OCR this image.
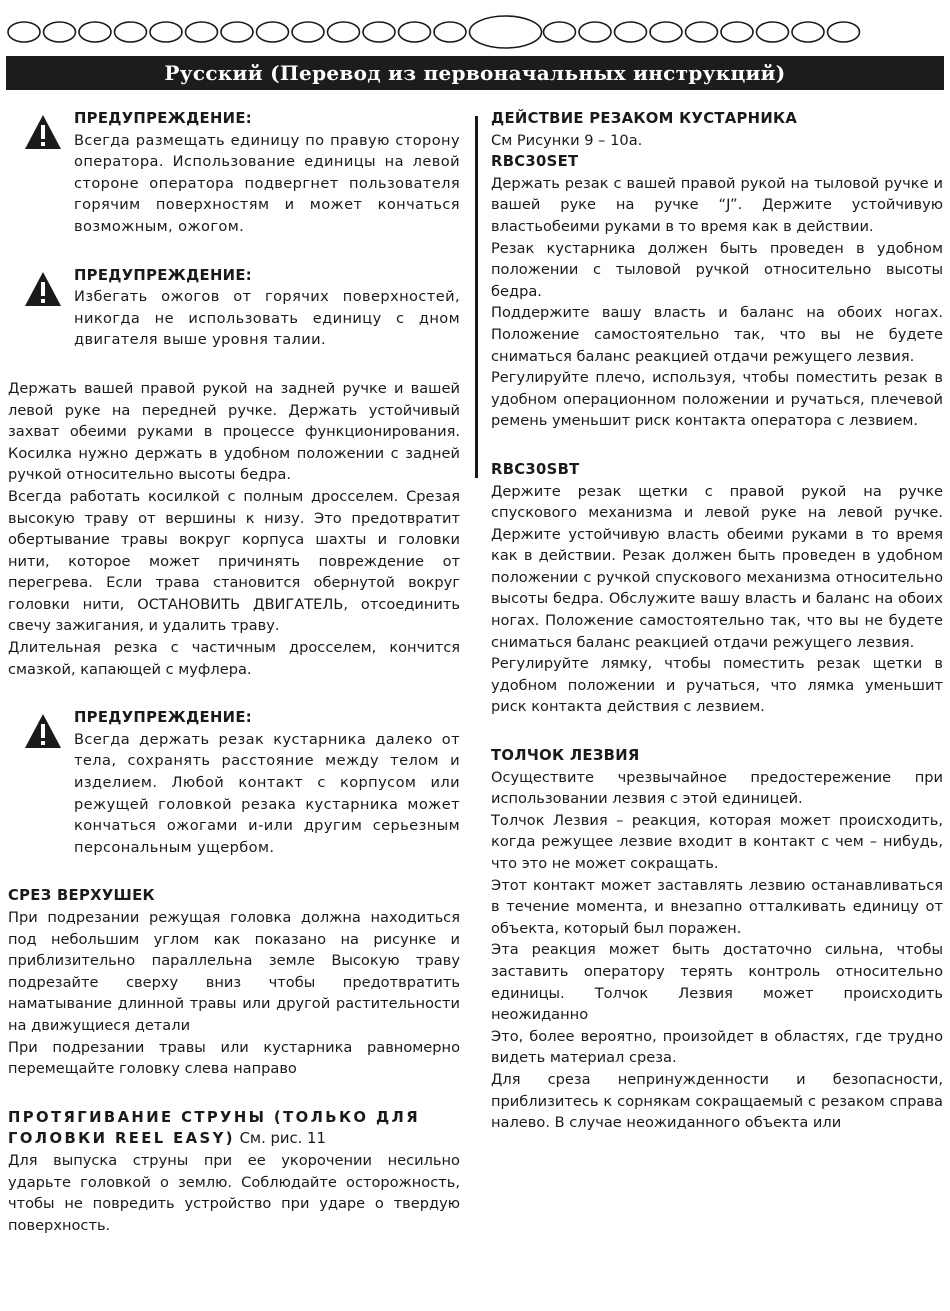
Русский (Перевод из первоначальных инструкций)
ПРЕДУПРЕЖДЕНИЕ:

Всегда размещать единицу по правую сторону оператора. Использование единицы на левой стороне оператора подвергнет пользователя горячим поверхностям и может кончаться возможным, ожогом.

ПРЕДУПРЕЖДЕНИЕ:

Избегать ожогов от горячих поверхностей, никогда не использовать единицу с дном двигателя выше уровня талии.

Держать вашей правой рукой на задней ручке и вашей левой руке на передней ручке. Держать устойчивый захват обеими руками в процессе функционирования. Косилка нужно держать в удобном положении с задней ручкой относительно высоты бедра.

Всегда работать косилкой с полным дросселем. Срезая высокую траву от вершины к низу. Это предотвратит обертывание травы вокруг корпуса шахты и головки нити, которое может причинять повреждение от перегрева. Если трава становится обернутой вокруг головки нити, ОСТАНОВИТЬ ДВИГАТЕЛЬ, отсоединить свечу зажигания, и удалить траву.

Длительная резка с частичным дросселем, кончится смазкой, капающей с муфлера.

ПРЕДУПРЕЖДЕНИЕ:

Всегда держать резак кустарника далеко от тела, сохранять расстояние между телом и изделием. Любой контакт с корпусом или режущей головкой резака кустарника может кончаться ожогами и-или другим серьезным персональным ущербом.

СРЕЗ ВЕРХУШЕК

При подрезании режущая головка должна находиться под небольшим углом как показано на рисунке и приблизительно параллельна земле Высокую траву подрезайте сверху вниз чтобы предотвратить наматывание длинной травы или другой растительности на движущиеся детали

При подрезании травы или кустарника равномерно перемещайте головку слева направо

ПРОТЯГИВАНИЕ СТРУНЫ (ТОЛЬКО ДЛЯ
ГОЛОВКИ REEL EASY) См. рис. 11

Для выпуска струны при ее укорочении несильно ударьте головкой о землю. Соблюдайте осторожность, чтобы не повредить устройство при ударе о твердую поверхность.

ДЕЙСТВИЕ РЕЗАКОМ КУСТАРНИКА

См Рисунки 9 – 10а.

RBC30SET

Держать резак с вашей правой рукой на тыловой ручке и вашей руке на ручке “J”. Держите устойчивую властьобеими руками в то время как в действии.

Резак кустарника должен быть проведен в удобном положении с тыловой ручкой относительно высоты бедра.

Поддержите вашу власть и баланс на обоих ногах. Положение самостоятельно так, что вы не будете сниматься баланс реакцией отдачи режущего лезвия.

Регулируйте плечо, используя, чтобы поместить резак в удобном операционном положении и ручаться, плечевой ремень уменьшит риск контакта оператора с лезвием.

RBC30SBT

Держите резак щетки с правой рукой на ручке спускового механизма и левой руке на левой ручке. Держите устойчивую власть обеими руками в то время как в действии. Резак должен быть проведен в удобном положении с ручкой спускового механизма относительно высоты бедра. Обслужите вашу власть и баланс на обоих ногах. Положение самостоятельно так, что вы не будете сниматься баланс реакцией отдачи режущего лезвия.

Регулируйте лямку, чтобы поместить резак щетки в удобном положении и ручаться, что лямка уменьшит риск контакта действия с лезвием.

ТОЛЧОК ЛЕЗВИЯ

Осуществите чрезвычайное предостережение при использовании лезвия с этой единицей.

Толчок Лезвия – реакция, которая может происходить, когда режущее лезвие входит в контакт с чем – нибудь, что это не может сокращать.

Этот контакт может заставлять лезвию останавливаться в течение момента, и внезапно отталкивать единицу от объекта, который был поражен.

Эта реакция может быть достаточно сильна, чтобы заставить оператору терять контроль относительно единицы. Толчок Лезвия может происходить неожиданно

Это, более вероятно, произойдет в областях, где трудно видеть материал среза.

Для среза непринужденности и безопасности, приблизитесь к сорнякам сокращаемый с резаком справа налево. В случае неожиданного объекта или
